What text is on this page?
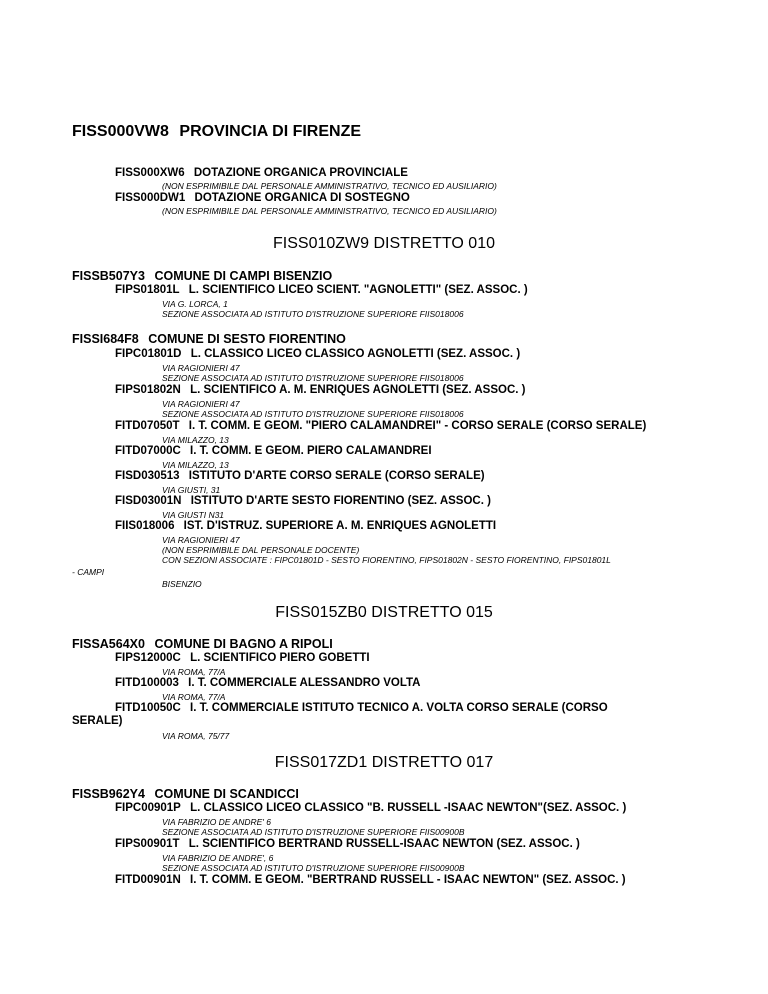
FISS000VW8 PROVINCIA DI FIRENZE
FISS000XW6 DOTAZIONE ORGANICA PROVINCIALE
(NON ESPRIMIBILE DAL PERSONALE AMMINISTRATIVO, TECNICO ED AUSILIARIO)
FISS000DW1 DOTAZIONE ORGANICA DI SOSTEGNO
(NON ESPRIMIBILE DAL PERSONALE AMMINISTRATIVO, TECNICO ED AUSILIARIO)
FISS010ZW9 DISTRETTO 010
FISSB507Y3 COMUNE DI CAMPI BISENZIO
FIPS01801L L. SCIENTIFICO LICEO SCIENT. "AGNOLETTI" (SEZ. ASSOC. )
VIA G. LORCA, 1
SEZIONE ASSOCIATA AD ISTITUTO D'ISTRUZIONE SUPERIORE FIIS018006
FISSI684F8 COMUNE DI SESTO FIORENTINO
FIPC01801D L. CLASSICO LICEO CLASSICO AGNOLETTI (SEZ. ASSOC. )
VIA RAGIONIERI 47
SEZIONE ASSOCIATA AD ISTITUTO D'ISTRUZIONE SUPERIORE FIIS018006
FIPS01802N L. SCIENTIFICO A. M. ENRIQUES AGNOLETTI (SEZ. ASSOC. )
VIA RAGIONIERI 47
SEZIONE ASSOCIATA AD ISTITUTO D'ISTRUZIONE SUPERIORE FIIS018006
FITD07050T I. T. COMM. E GEOM. "PIERO CALAMANDREI" - CORSO SERALE (CORSO SERALE)
VIA MILAZZO, 13
FITD07000C I. T. COMM. E GEOM. PIERO CALAMANDREI
VIA MILAZZO, 13
FISD030513 ISTITUTO D'ARTE CORSO SERALE (CORSO SERALE)
VIA GIUSTI, 31
FISD03001N ISTITUTO D'ARTE SESTO FIORENTINO (SEZ. ASSOC. )
VIA GIUSTI N31
FIIS018006 IST. D'ISTRUZ. SUPERIORE A. M. ENRIQUES AGNOLETTI
VIA RAGIONIERI 47
(NON ESPRIMIBILE DAL PERSONALE DOCENTE)
CON SEZIONI ASSOCIATE : FIPC01801D - SESTO FIORENTINO, FIPS01802N - SESTO FIORENTINO, FIPS01801L
- CAMPI
BISENZIO
FISS015ZB0 DISTRETTO 015
FISSA564X0 COMUNE DI BAGNO A RIPOLI
FIPS12000C L. SCIENTIFICO PIERO GOBETTI
VIA ROMA, 77/A
FITD100003 I. T. COMMERCIALE ALESSANDRO VOLTA
VIA ROMA, 77/A
FITD10050C I. T. COMMERCIALE ISTITUTO TECNICO A. VOLTA CORSO SERALE (CORSO
SERALE)
VIA ROMA, 75/77
FISS017ZD1 DISTRETTO 017
FISSB962Y4 COMUNE DI SCANDICCI
FIPC00901P L. CLASSICO LICEO CLASSICO "B. RUSSELL -ISAAC NEWTON"(SEZ. ASSOC. )
VIA FABRIZIO DE ANDRE' 6
SEZIONE ASSOCIATA AD ISTITUTO D'ISTRUZIONE SUPERIORE FIIS00900B
FIPS00901T L. SCIENTIFICO BERTRAND RUSSELL-ISAAC NEWTON (SEZ. ASSOC. )
VIA FABRIZIO DE ANDRE', 6
SEZIONE ASSOCIATA AD ISTITUTO D'ISTRUZIONE SUPERIORE FIIS00900B
FITD00901N I. T. COMM. E GEOM. "BERTRAND RUSSELL - ISAAC NEWTON" (SEZ. ASSOC. )
